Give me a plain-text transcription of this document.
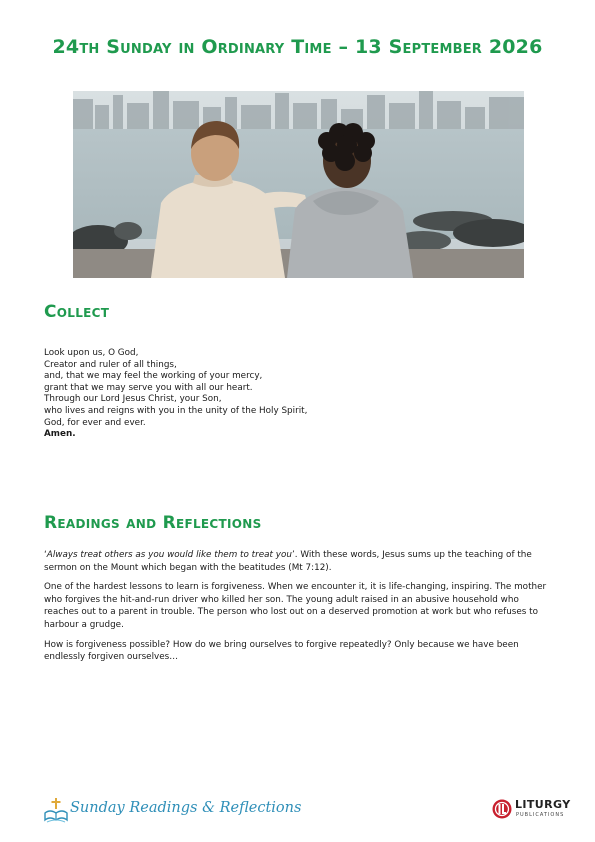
24th Sunday in Ordinary Time – 13 September 2026
Collect
Look upon us, O God,
Creator and ruler of all things,
and, that we may feel the working of your mercy,
grant that we may serve you with all our heart.
Through our Lord Jesus Christ, your Son,
who lives and reigns with you in the unity of the Holy Spirit,
God, for ever and ever.
Amen.
Readings and Reflections

‘Always treat others as you would like them to treat you’. With these words, Jesus sums up the teaching of the sermon on the Mount which began with the beatitudes (Mt 7:12).

One of the hardest lessons to learn is forgiveness. When we encounter it, it is life-changing, inspiring. The mother who forgives the hit-and-run driver who killed her son. The young adult raised in an abusive household who reaches out to a parent in trouble. The person who lost out on a deserved promotion at work but who refuses to harbour a grudge.

How is forgiveness possible? How do we bring ourselves to forgive repeatedly? Only because we have been endlessly forgiven ourselves…

Sunday Readings & Reflections	LITURGY
PUBLICATIONS
